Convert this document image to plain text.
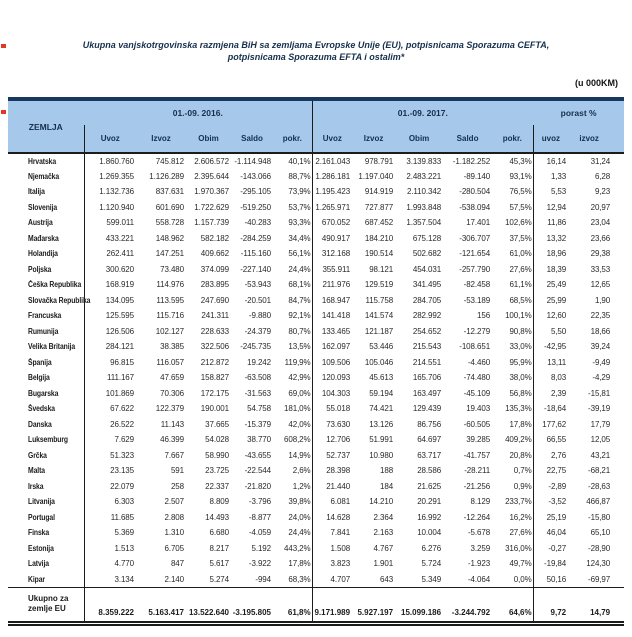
Ukupna vanjskotrgovinska razmjena BiH sa zemljama Evropske Unije (EU), potpisnicama Sporazuma CEFTA,
potpisnicama Sporazuma EFTA i ostalim*
(u 000KM)
ZEMLJA	01.-09. 2016.					01.-09. 2017.					porast %	
	Uvoz	Izvoz	Obim	Saldo	pokr.	Uvoz	Izvoz	Obim	Saldo	pokr.	uvoz	izvoz
Hrvatska	1.860.760	745.812	2.606.572	-1.114.948	40,1%	2.161.043	978.791	3.139.833	-1.182.252	45,3%	16,14	31,24
Njemačka	1.269.355	1.126.289	2.395.644	-143.066	88,7%	1.286.181	1.197.040	2.483.221	-89.140	93,1%	1,33	6,28
Italija	1.132.736	837.631	1.970.367	-295.105	73,9%	1.195.423	914.919	2.110.342	-280.504	76,5%	5,53	9,23
Slovenija	1.120.940	601.690	1.722.629	-519.250	53,7%	1.265.971	727.877	1.993.848	-538.094	57,5%	12,94	20,97
Austrija	599.011	558.728	1.157.739	-40.283	93,3%	670.052	687.452	1.357.504	17.401	102,6%	11,86	23,04
Mađarska	433.221	148.962	582.182	-284.259	34,4%	490.917	184.210	675.128	-306.707	37,5%	13,32	23,66
Holandija	262.411	147.251	409.662	-115.160	56,1%	312.168	190.514	502.682	-121.654	61,0%	18,96	29,38
Poljska	300.620	73.480	374.099	-227.140	24,4%	355.911	98.121	454.031	-257.790	27,6%	18,39	33,53
Češka Republika	168.919	114.976	283.895	-53.943	68,1%	211.976	129.519	341.495	-82.458	61,1%	25,49	12,65
Slovačka Republika	134.095	113.595	247.690	-20.501	84,7%	168.947	115.758	284.705	-53.189	68,5%	25,99	1,90
Francuska	125.595	115.716	241.311	-9.880	92,1%	141.418	141.574	282.992	156	100,1%	12,60	22,35
Rumunija	126.506	102.127	228.633	-24.379	80,7%	133.465	121.187	254.652	-12.279	90,8%	5,50	18,66
Velika Britanija	284.121	38.385	322.506	-245.735	13,5%	162.097	53.446	215.543	-108.651	33,0%	-42,95	39,24
Španija	96.815	116.057	212.872	19.242	119,9%	109.506	105.046	214.551	-4.460	95,9%	13,11	-9,49
Belgija	111.167	47.659	158.827	-63.508	42,9%	120.093	45.613	165.706	-74.480	38,0%	8,03	-4,29
Bugarska	101.869	70.306	172.175	-31.563	69,0%	104.303	59.194	163.497	-45.109	56,8%	2,39	-15,81
Švedska	67.622	122.379	190.001	54.758	181,0%	55.018	74.421	129.439	19.403	135,3%	-18,64	-39,19
Danska	26.522	11.143	37.665	-15.379	42,0%	73.630	13.126	86.756	-60.505	17,8%	177,62	17,79
Luksemburg	7.629	46.399	54.028	38.770	608,2%	12.706	51.991	64.697	39.285	409,2%	66,55	12,05
Grčka	51.323	7.667	58.990	-43.655	14,9%	52.737	10.980	63.717	-41.757	20,8%	2,76	43,21
Malta	23.135	591	23.725	-22.544	2,6%	28.398	188	28.586	-28.211	0,7%	22,75	-68,21
Irska	22.079	258	22.337	-21.820	1,2%	21.440	184	21.625	-21.256	0,9%	-2,89	-28,63
Litvanija	6.303	2.507	8.809	-3.796	39,8%	6.081	14.210	20.291	8.129	233,7%	-3,52	466,87
Portugal	11.685	2.808	14.493	-8.877	24,0%	14.628	2.364	16.992	-12.264	16,2%	25,19	-15,80
Finska	5.369	1.310	6.680	-4.059	24,4%	7.841	2.163	10.004	-5.678	27,6%	46,04	65,10
Estonija	1.513	6.705	8.217	5.192	443,2%	1.508	4.767	6.276	3.259	316,0%	-0,27	-28,90
Latvija	4.770	847	5.617	-3.922	17,8%	3.823	1.901	5.724	-1.923	49,7%	-19,84	124,30
Kipar	3.134	2.140	5.274	-994	68,3%	4.707	643	5.349	-4.064	0,0%	50,16	-69,97

Ukupno za
zemlje EU	8.359.222	5.163.417	13.522.640	-3.195.805	61,8%	9.171.989	5.927.197	15.099.186	-3.244.792	64,6%	9,72	14,79
